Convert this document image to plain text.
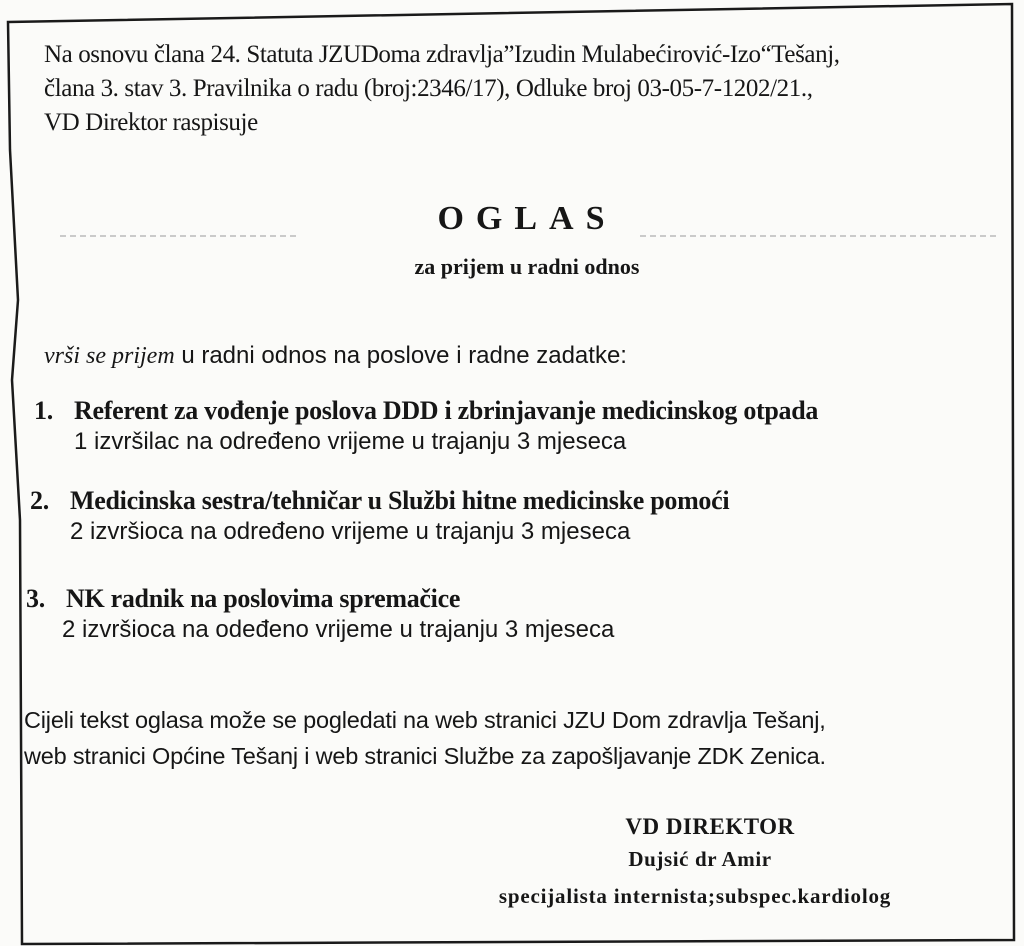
Na osnovu člana 24. Statuta JZUDoma zdravlja”Izudin Mulabećirović-Izo“Tešanj,
člana 3. stav 3. Pravilnika o radu (broj:2346/17), Odluke broj 03-05-7-1202/21.,
VD Direktor raspisuje
OGLAS
za prijem u radni odnos
vrši se prijem u radni odnos na poslove i radne zadatke:
1. Referent za vođenje poslova DDD i zbrinjavanje medicinskog otpada
1 izvršilac na određeno vrijeme u trajanju 3 mjeseca
2. Medicinska sestra/tehničar u Službi hitne medicinske pomoći
2 izvršioca na određeno vrijeme u trajanju 3 mjeseca
3. NK radnik na poslovima spremačice
2 izvršioca na odeđeno vrijeme u trajanju 3 mjeseca
Cijeli tekst oglasa može se pogledati na web stranici JZU Dom zdravlja Tešanj,
web stranici Općine Tešanj i web stranici Službe za zapošljavanje ZDK Zenica.
VD DIREKTOR
Dujsić dr Amir
specijalista internista;subspec.kardiolog
